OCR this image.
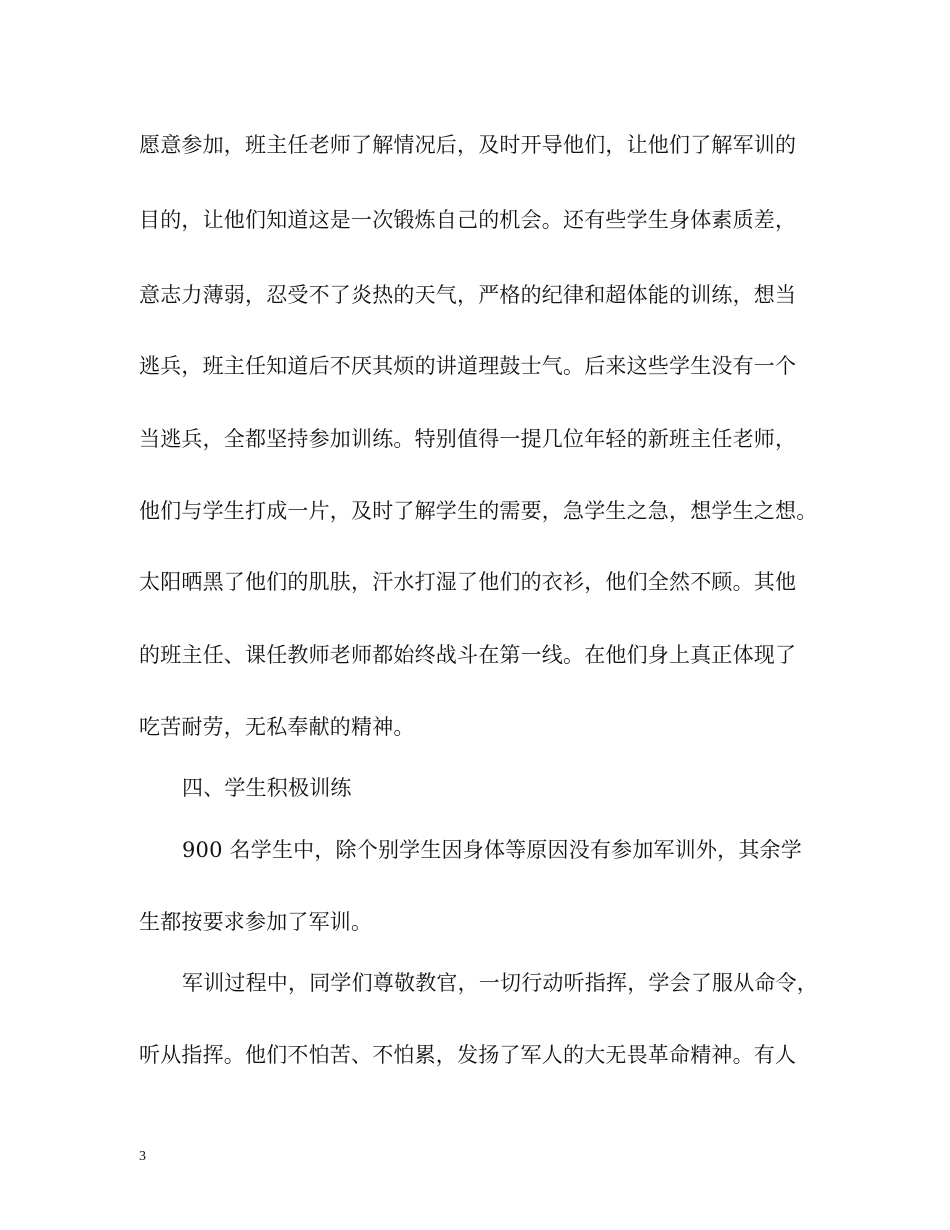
愿意参加，班主任老师了解情况后，及时开导他们，让他们了解军训的
目的，让他们知道这是一次锻炼自己的机会。还有些学生身体素质差，
意志力薄弱，忍受不了炎热的天气，严格的纪律和超体能的训练，想当
逃兵，班主任知道后不厌其烦的讲道理鼓士气。后来这些学生没有一个
当逃兵，全都坚持参加训练。特别值得一提几位年轻的新班主任老师，
他们与学生打成一片，及时了解学生的需要，急学生之急，想学生之想。
太阳晒黑了他们的肌肤，汗水打湿了他们的衣衫，他们全然不顾。其他
的班主任、课任教师老师都始终战斗在第一线。在他们身上真正体现了
吃苦耐劳，无私奉献的精神。
四、学生积极训练
900 名学生中，除个别学生因身体等原因没有参加军训外，其余学
生都按要求参加了军训。
军训过程中，同学们尊敬教官，一切行动听指挥，学会了服从命令，
听从指挥。他们不怕苦、不怕累，发扬了军人的大无畏革命精神。有人
3
